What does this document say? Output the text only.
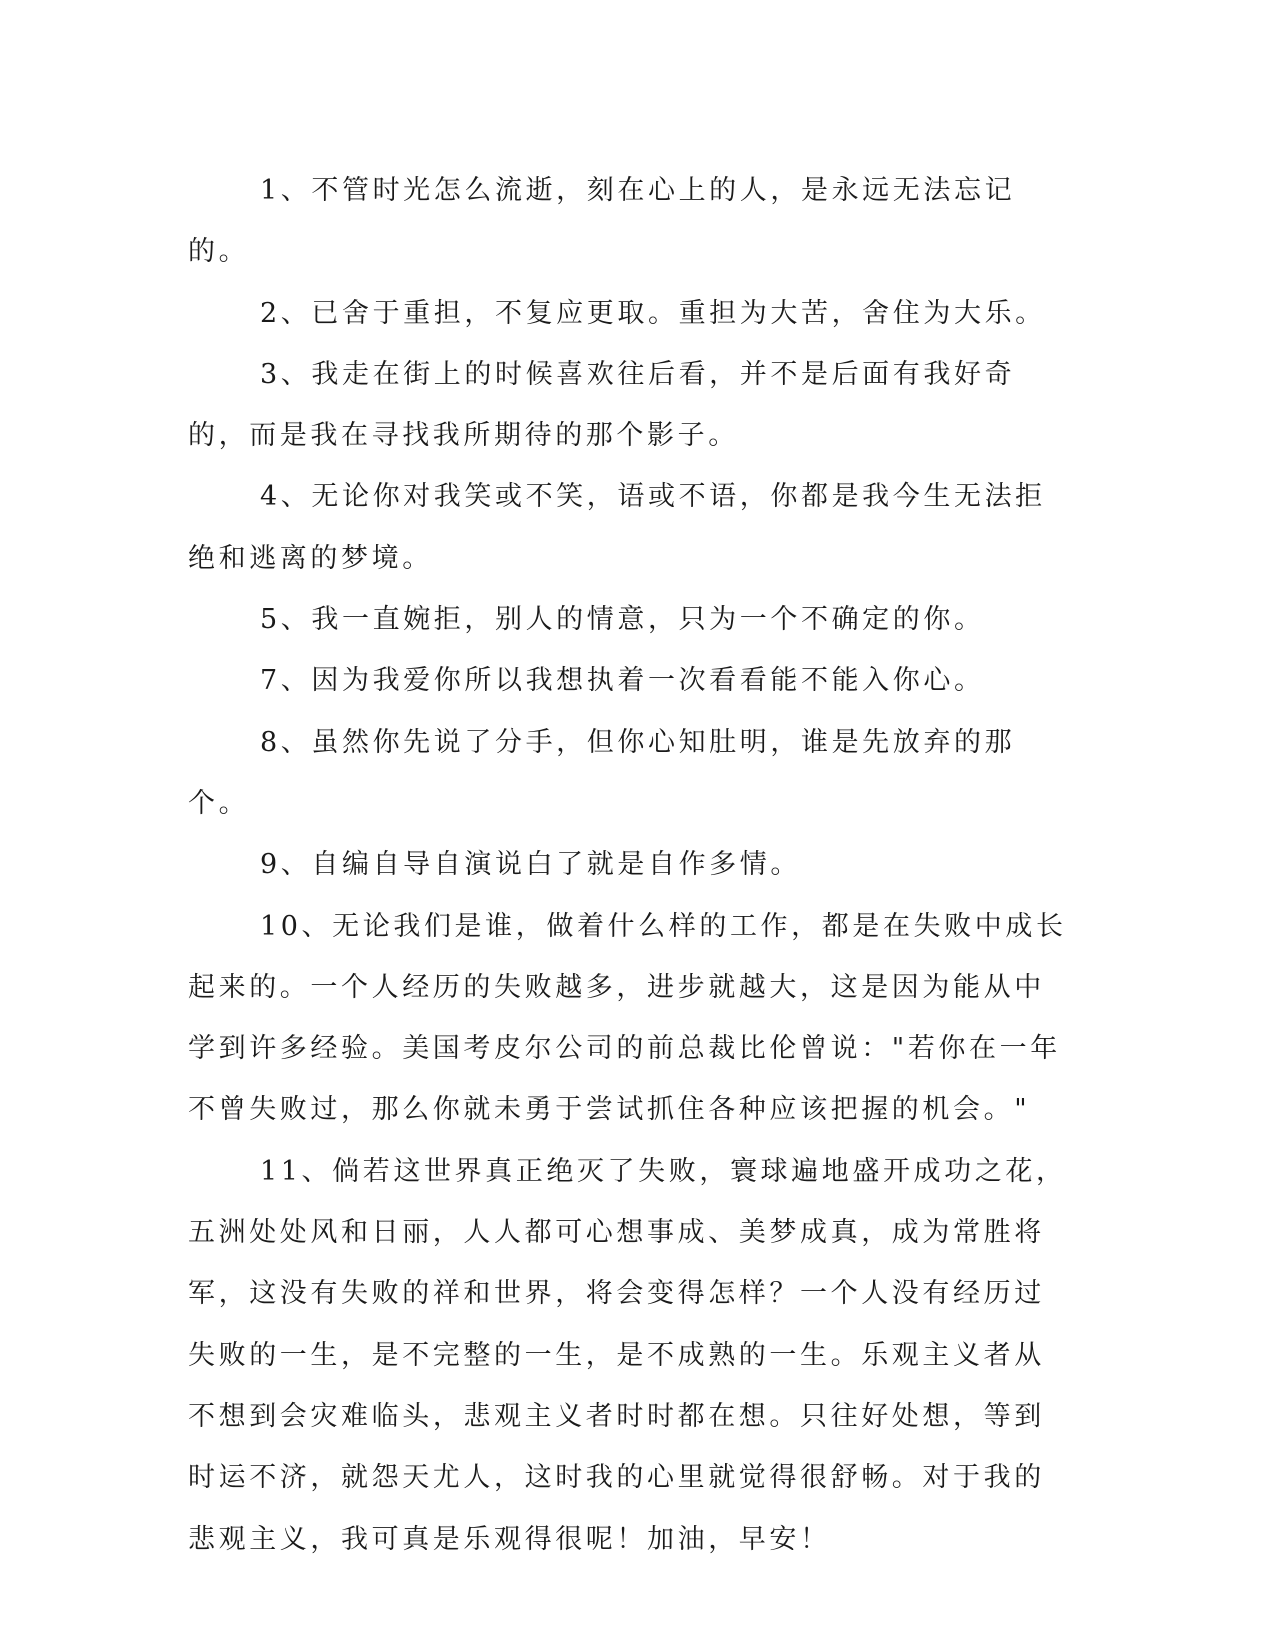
1、不管时光怎么流逝，刻在心上的人，是永远无法忘记的。

2、已舍于重担，不复应更取。重担为大苦，舍住为大乐。

3、我走在街上的时候喜欢往后看，并不是后面有我好奇的，而是我在寻找我所期待的那个影子。

4、无论你对我笑或不笑，语或不语，你都是我今生无法拒绝和逃离的梦境。

5、我一直婉拒，别人的情意，只为一个不确定的你。

7、因为我爱你所以我想执着一次看看能不能入你心。

8、虽然你先说了分手，但你心知肚明，谁是先放弃的那个。

9、自编自导自演说白了就是自作多情。

10、无论我们是谁，做着什么样的工作，都是在失败中成长起来的。一个人经历的失败越多，进步就越大，这是因为能从中学到许多经验。美国考皮尔公司的前总裁比伦曾说："若你在一年不曾失败过，那么你就未勇于尝试抓住各种应该把握的机会。"

11、倘若这世界真正绝灭了失败，寰球遍地盛开成功之花，五洲处处风和日丽，人人都可心想事成、美梦成真，成为常胜将军，这没有失败的祥和世界，将会变得怎样？一个人没有经历过失败的一生，是不完整的一生，是不成熟的一生。乐观主义者从不想到会灾难临头，悲观主义者时时都在想。只往好处想，等到时运不济，就怨天尤人，这时我的心里就觉得很舒畅。对于我的悲观主义，我可真是乐观得很呢！加油，早安！
